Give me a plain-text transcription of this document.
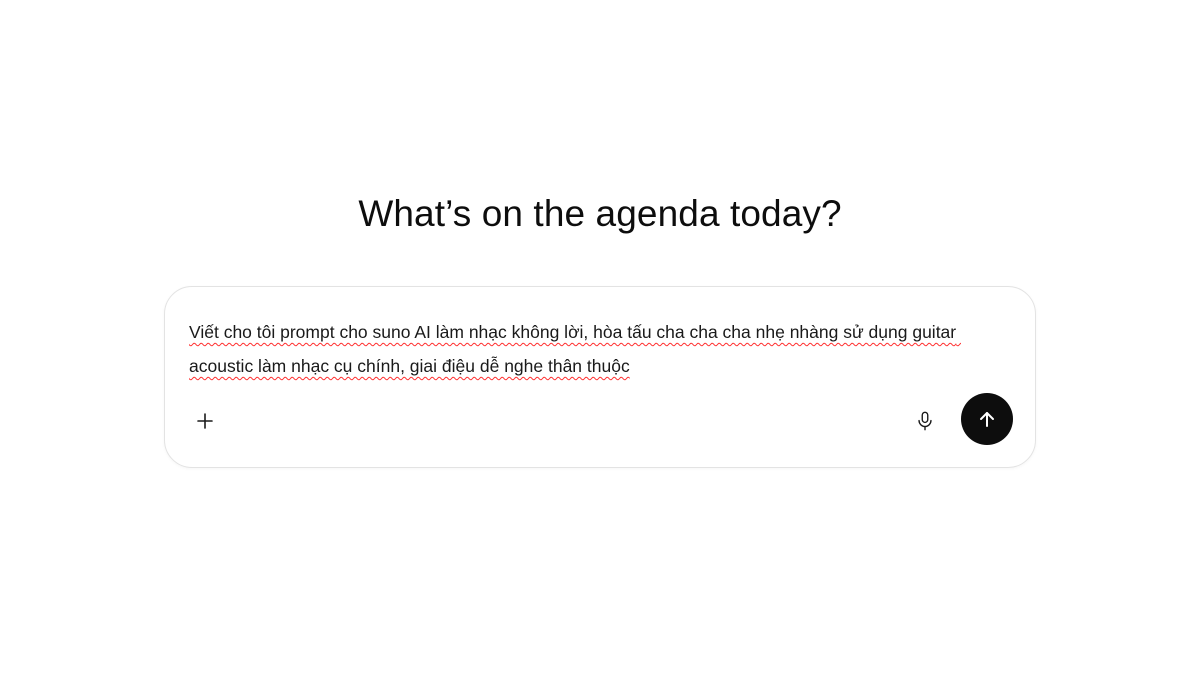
What’s on the agenda today?
Viết cho tôi prompt cho suno AI làm nhạc không lời, hòa tấu cha cha cha nhẹ nhàng sử dụng guitar acoustic làm nhạc cụ chính, giai điệu dễ nghe thân thuộc
